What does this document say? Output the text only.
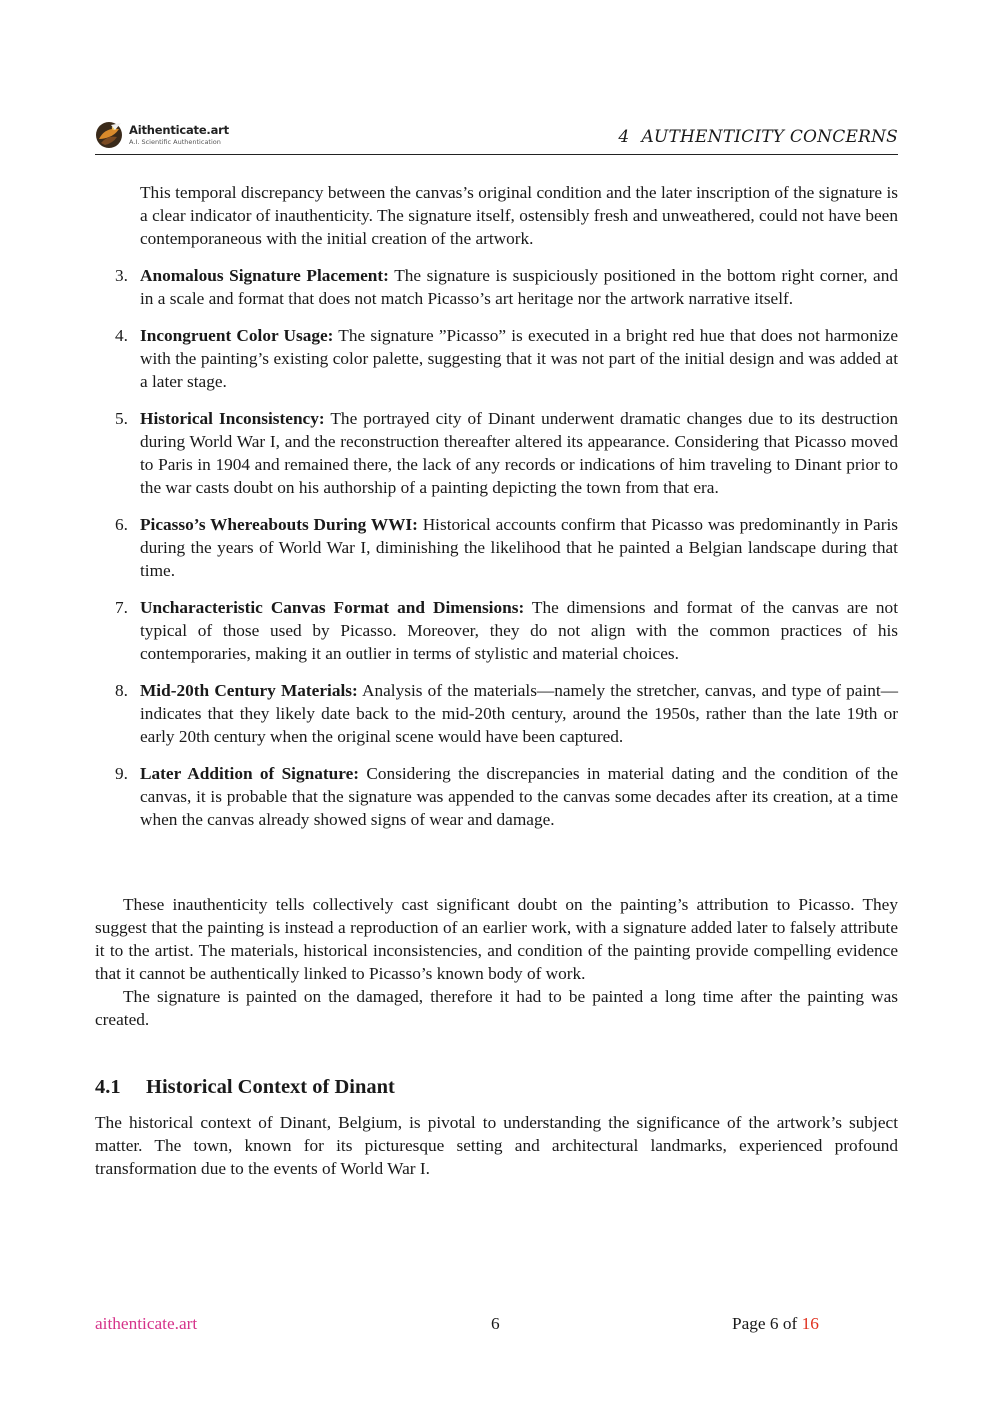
Aithenticate.art
A.I. Scientific Authentication	4 AUTHENTICITY CONCERNS

This temporal discrepancy between the canvas’s original condition and the later inscription of the signature is a clear indicator of inauthenticity. The signature itself, ostensibly fresh and unweathered, could not have been contemporaneous with the initial creation of the artwork.

3. Anomalous Signature Placement: The signature is suspiciously positioned in the bottom right corner, and in a scale and format that does not match Picasso’s art heritage nor the artwork narrative itself.
4. Incongruent Color Usage: The signature ”Picasso” is executed in a bright red hue that does not harmonize with the painting’s existing color palette, suggesting that it was not part of the initial design and was added at a later stage.
5. Historical Inconsistency: The portrayed city of Dinant underwent dramatic changes due to its destruction during World War I, and the reconstruction thereafter altered its appearance. Considering that Picasso moved to Paris in 1904 and remained there, the lack of any records or indications of him traveling to Dinant prior to the war casts doubt on his authorship of a painting depicting the town from that era.
6. Picasso’s Whereabouts During WWI: Historical accounts confirm that Picasso was predominantly in Paris during the years of World War I, diminishing the likelihood that he painted a Belgian landscape during that time.
7. Uncharacteristic Canvas Format and Dimensions: The dimensions and format of the canvas are not typical of those used by Picasso. Moreover, they do not align with the common practices of his contemporaries, making it an outlier in terms of stylistic and material choices.
8. Mid-20th Century Materials: Analysis of the materials—namely the stretcher, canvas, and type of paint—indicates that they likely date back to the mid-20th century, around the 1950s, rather than the late 19th or early 20th century when the original scene would have been captured.
9. Later Addition of Signature: Considering the discrepancies in material dating and the condition of the canvas, it is probable that the signature was appended to the canvas some decades after its creation, at a time when the canvas already showed signs of wear and damage.

These inauthenticity tells collectively cast significant doubt on the painting’s attribution to Picasso. They suggest that the painting is instead a reproduction of an earlier work, with a signature added later to falsely attribute it to the artist. The materials, historical inconsistencies, and condition of the painting provide compelling evidence that it cannot be authentically linked to Picasso’s known body of work.

The signature is painted on the damaged, therefore it had to be painted a long time after the painting was created.

4.1 Historical Context of Dinant

The historical context of Dinant, Belgium, is pivotal to understanding the significance of the artwork’s subject matter. The town, known for its picturesque setting and architectural landmarks, experienced profound transformation due to the events of World War I.

aithenticate.art	6	Page 6 of 16
